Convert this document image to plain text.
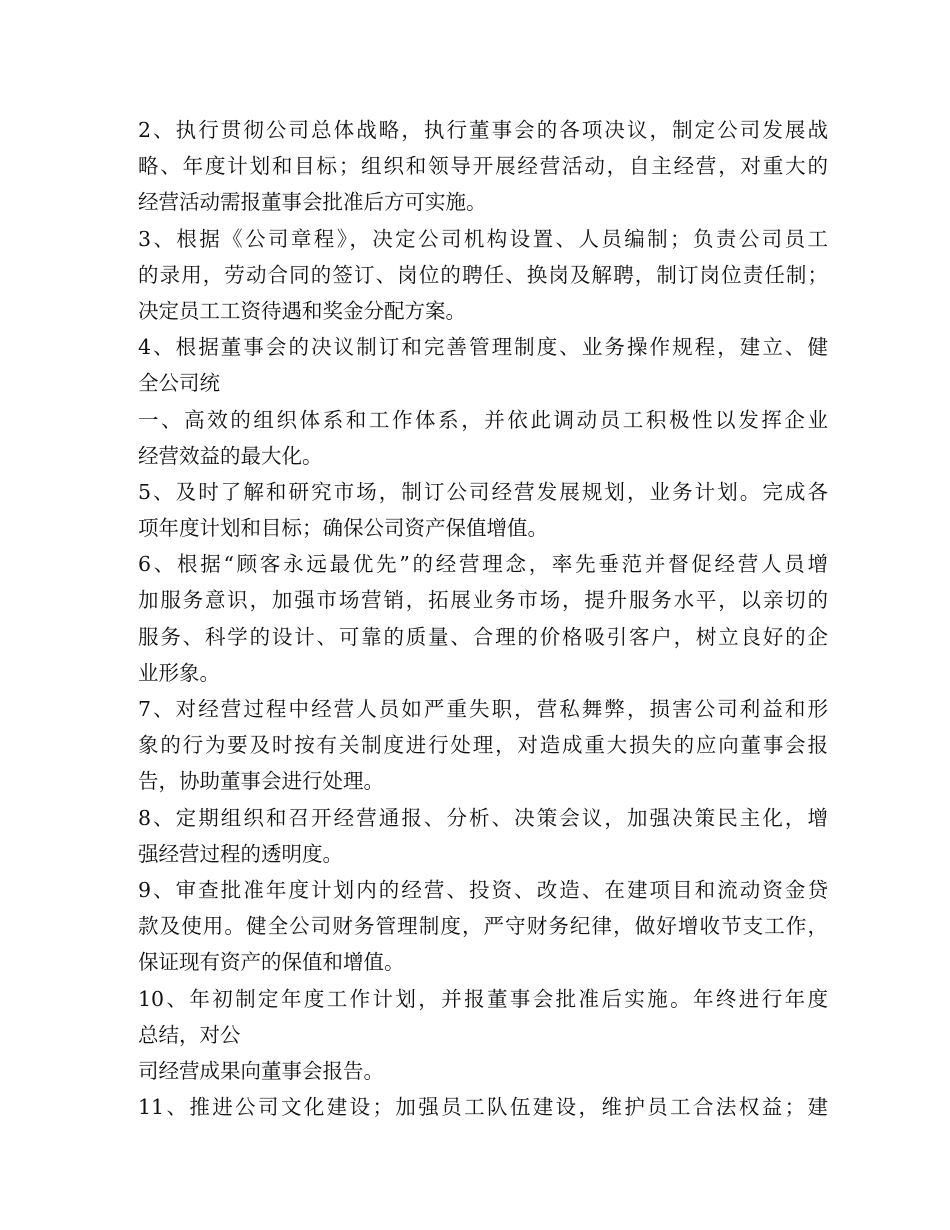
2、执行贯彻公司总体战略，执行董事会的各项决议，制定公司发展战
略、年度计划和目标；组织和领导开展经营活动，自主经营，对重大的
经营活动需报董事会批准后方可实施。
3、根据《公司章程》，决定公司机构设置、人员编制；负责公司员工
的录用，劳动合同的签订、岗位的聘任、换岗及解聘，制订岗位责任制；
决定员工工资待遇和奖金分配方案。
4、根据董事会的决议制订和完善管理制度、业务操作规程，建立、健
全公司统
一、高效的组织体系和工作体系，并依此调动员工积极性以发挥企业
经营效益的最大化。
5、及时了解和研究市场，制订公司经营发展规划，业务计划。完成各
项年度计划和目标；确保公司资产保值增值。
6、根据“顾客永远最优先”的经营理念，率先垂范并督促经营人员增
加服务意识，加强市场营销，拓展业务市场，提升服务水平，以亲切的
服务、科学的设计、可靠的质量、合理的价格吸引客户，树立良好的企
业形象。
7、对经营过程中经营人员如严重失职，营私舞弊，损害公司利益和形
象的行为要及时按有关制度进行处理，对造成重大损失的应向董事会报
告，协助董事会进行处理。
8、定期组织和召开经营通报、分析、决策会议，加强决策民主化，增
强经营过程的透明度。
9、审查批准年度计划内的经营、投资、改造、在建项目和流动资金贷
款及使用。健全公司财务管理制度，严守财务纪律，做好增收节支工作，
保证现有资产的保值和增值。
10、年初制定年度工作计划，并报董事会批准后实施。年终进行年度
总结，对公
司经营成果向董事会报告。
11、推进公司文化建设；加强员工队伍建设，维护员工合法权益；建
